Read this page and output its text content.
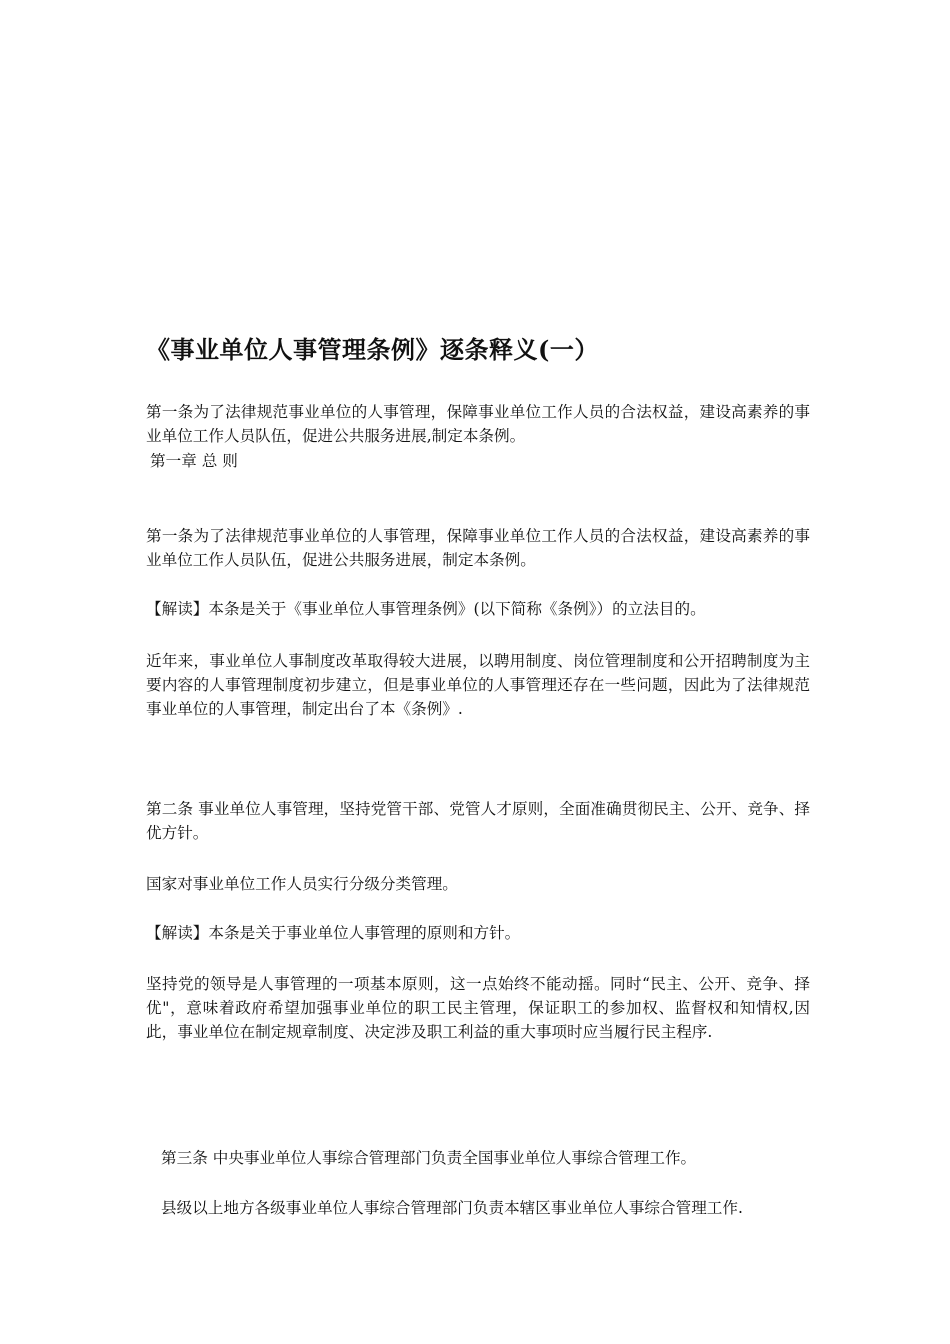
《事业单位人事管理条例》逐条释义(一）

第一条为了法律规范事业单位的人事管理，保障事业单位工作人员的合法权益，建设高素养的事业单位工作人员队伍，促进公共服务进展,制定本条例。

第一章 总 则

第一条为了法律规范事业单位的人事管理，保障事业单位工作人员的合法权益，建设高素养的事业单位工作人员队伍，促进公共服务进展，制定本条例。

【解读】本条是关于《事业单位人事管理条例》(以下简称《条例》）的立法目的。

近年来，事业单位人事制度改革取得较大进展，以聘用制度、岗位管理制度和公开招聘制度为主要内容的人事管理制度初步建立，但是事业单位的人事管理还存在一些问题，因此为了法律规范事业单位的人事管理，制定出台了本《条例》.

第二条 事业单位人事管理，坚持党管干部、党管人才原则，全面准确贯彻民主、公开、竞争、择优方针。

国家对事业单位工作人员实行分级分类管理。

【解读】本条是关于事业单位人事管理的原则和方针。

坚持党的领导是人事管理的一项基本原则，这一点始终不能动摇。同时“民主、公开、竞争、择优"，意味着政府希望加强事业单位的职工民主管理，保证职工的参加权、监督权和知情权,因此，事业单位在制定规章制度、决定涉及职工利益的重大事项时应当履行民主程序.

第三条 中央事业单位人事综合管理部门负责全国事业单位人事综合管理工作。

县级以上地方各级事业单位人事综合管理部门负责本辖区事业单位人事综合管理工作.
